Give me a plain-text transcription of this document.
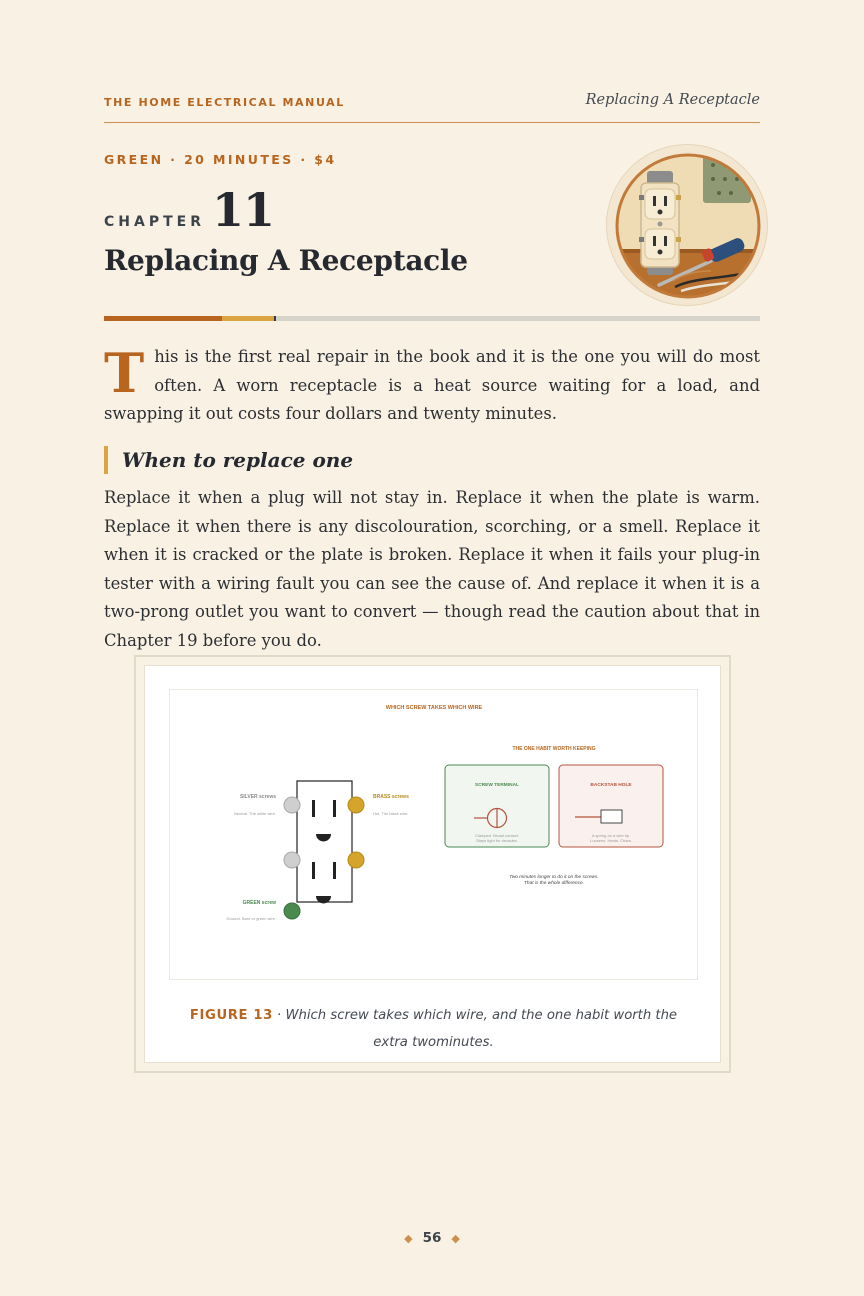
THE HOME ELECTRICAL MANUAL	Replacing A Receptacle
GREEN · 20 MINUTES · $4
CHAPTER 11
Replacing A Receptacle
This is the first real repair in the book and it is the one you will do most often. A worn receptacle is a heat source waiting for a load, and swapping it out costs four dollars and twenty minutes.
When to replace one
Replace it when a plug will not stay in. Replace it when the plate is warm. Replace it when there is any discolouration, scorching, or a smell. Replace it when it is cracked or the plate is broken. Replace it when it fails your plug-in tester with a wiring fault you can see the cause of. And replace it when it is a two-prong outlet you want to convert — though read the caution about that in Chapter 19 before you do.
WHICH SCREW TAKES WHICH WIRE
SILVER screws
Neutral. The white wire.
BRASS screws
Hot. The black wire.
GREEN screw
Ground. Bare or green wire.
THE ONE HABIT WORTH KEEPING
SCREW TERMINAL
Clamped. Broad contact.
Stays tight for decades.
BACKSTAB HOLE
A spring on a wire tip.
Loosens. Heats. Chars.
Two minutes longer to do it on the screws.
That is the whole difference.
FIGURE 13 · Which screw takes which wire, and the one habit worth the extra twominutes.
◆ 56 ◆
